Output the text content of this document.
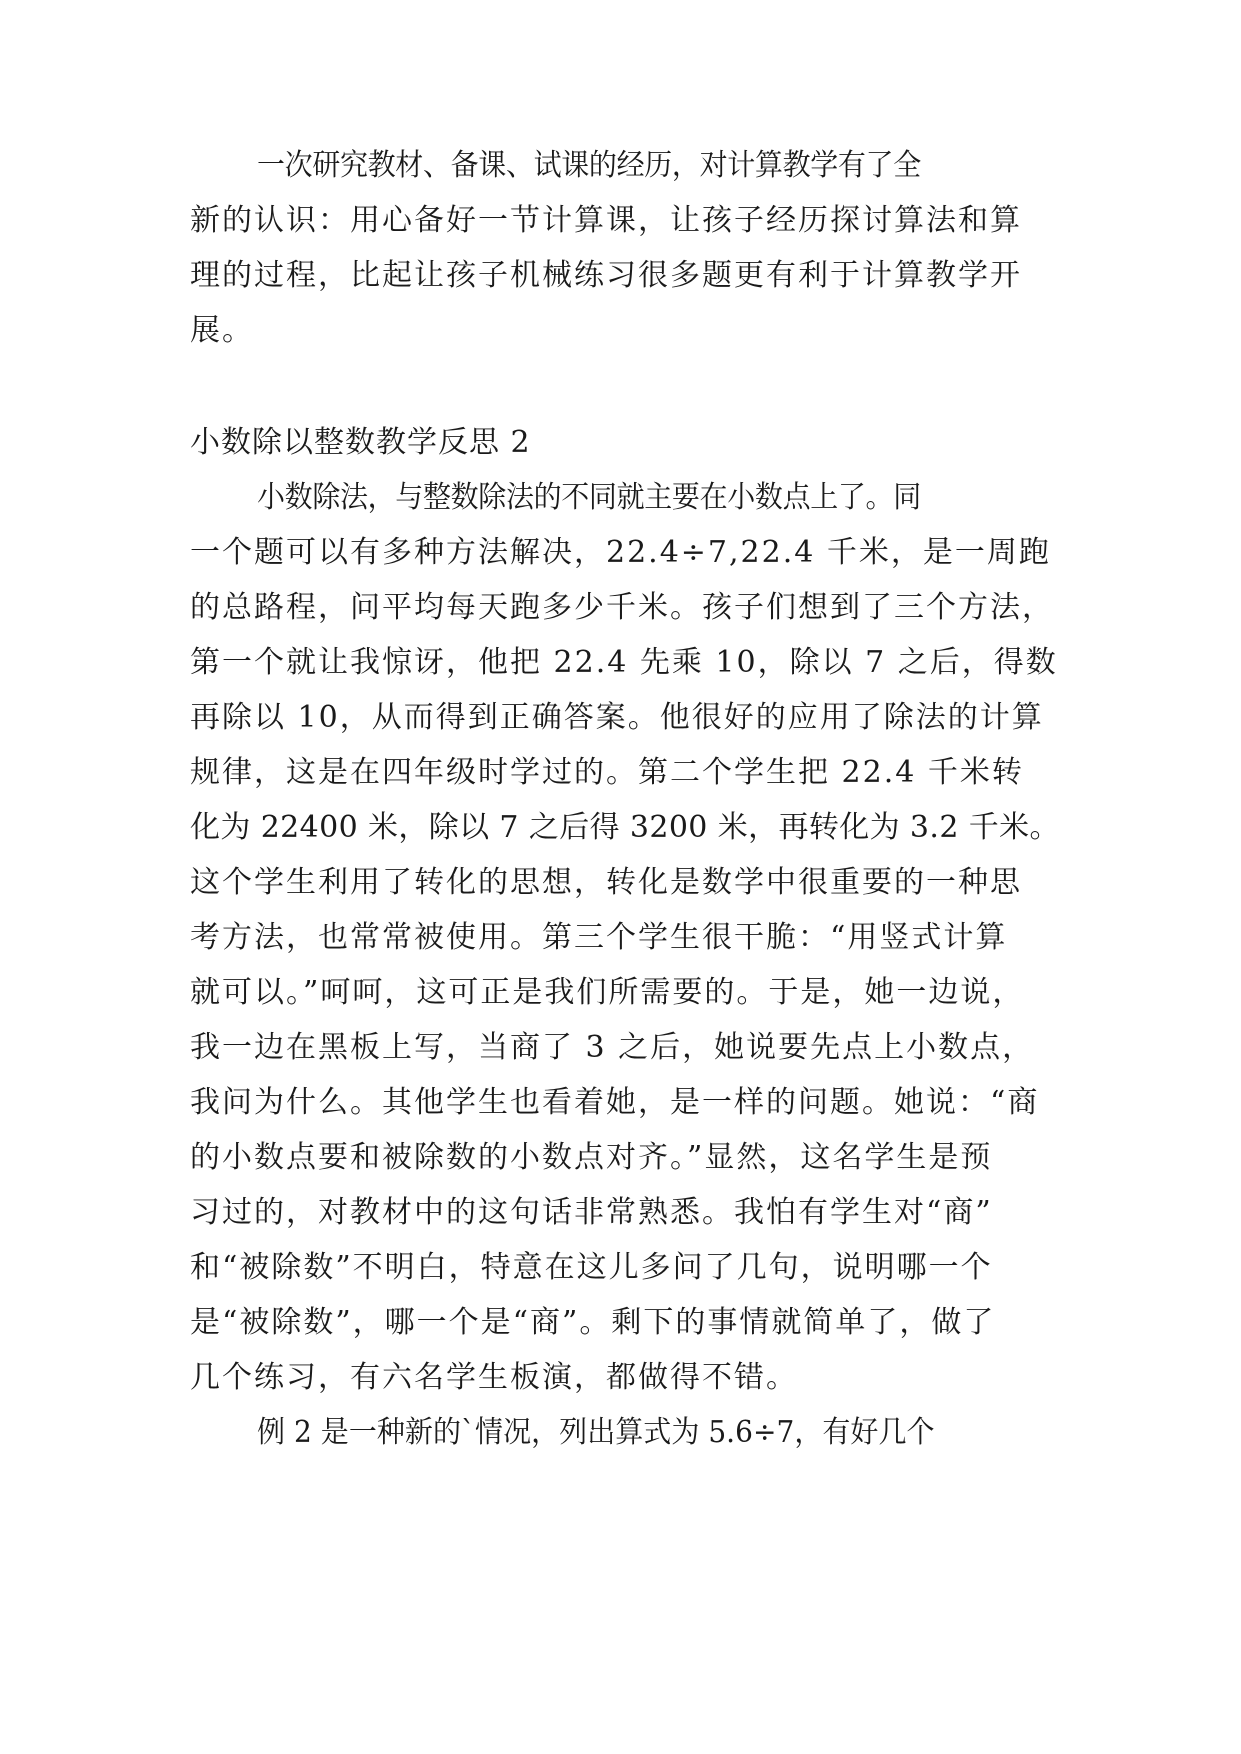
一次研究教材、备课、试课的经历，对计算教学有了全
新的认识：用心备好一节计算课，让孩子经历探讨算法和算
理的过程，比起让孩子机械练习很多题更有利于计算教学开
展。
小数除以整数教学反思 2
小数除法，与整数除法的不同就主要在小数点上了。同
一个题可以有多种方法解决，22.4÷7,22.4 千米，是一周跑
的总路程，问平均每天跑多少千米。孩子们想到了三个方法，
第一个就让我惊讶，他把 22.4 先乘 10，除以 7 之后，得数
再除以 10，从而得到正确答案。他很好的应用了除法的计算
规律，这是在四年级时学过的。第二个学生把 22.4 千米转
化为 22400 米，除以 7 之后得 3200 米，再转化为 3.2 千米。
这个学生利用了转化的思想，转化是数学中很重要的一种思
考方法，也常常被使用。第三个学生很干脆：“用竖式计算
就可以。”呵呵，这可正是我们所需要的。于是，她一边说，
我一边在黑板上写，当商了 3 之后，她说要先点上小数点，
我问为什么。其他学生也看着她，是一样的问题。她说：“商
的小数点要和被除数的小数点对齐。”显然，这名学生是预
习过的，对教材中的这句话非常熟悉。我怕有学生对“商”
和“被除数”不明白，特意在这儿多问了几句，说明哪一个
是“被除数”，哪一个是“商”。剩下的事情就简单了，做了
几个练习，有六名学生板演，都做得不错。
例 2 是一种新的`情况，列出算式为 5.6÷7，有好几个
